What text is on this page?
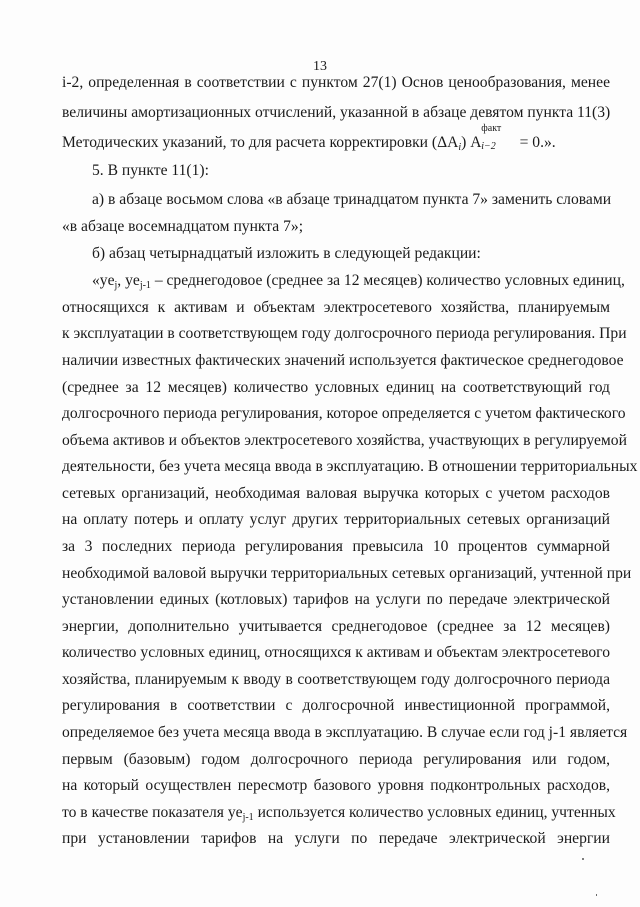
13
i-2, определенная в соответствии с пунктом 27(1) Основ ценообразования, менее
величины амортизационных отчислений, указанной в абзаце девятом пункта 11(3)
Методических указаний, то для расчета корректировки (ΔAi) A
факт
i−2 = 0.».
5. В пункте 11(1):
а) в абзаце восьмом слова «в абзаце тринадцатом пункта 7» заменить словами
«в абзаце восемнадцатом пункта 7»;
б) абзац четырнадцатый изложить в следующей редакции:
«yej, yej-1 – среднегодовое (среднее за 12 месяцев) количество условных единиц,
относящихся к активам и объектам электросетевого хозяйства, планируемым
к эксплуатации в соответствующем году долгосрочного периода регулирования. При
наличии известных фактических значений используется фактическое среднегодовое
(среднее за 12 месяцев) количество условных единиц на соответствующий год
долгосрочного периода регулирования, которое определяется с учетом фактического
объема активов и объектов электросетевого хозяйства, участвующих в регулируемой
деятельности, без учета месяца ввода в эксплуатацию. В отношении территориальных
сетевых организаций, необходимая валовая выручка которых с учетом расходов
на оплату потерь и оплату услуг других территориальных сетевых организаций
за 3 последних периода регулирования превысила 10 процентов суммарной
необходимой валовой выручки территориальных сетевых организаций, учтенной при
установлении единых (котловых) тарифов на услуги по передаче электрической
энергии, дополнительно учитывается среднегодовое (среднее за 12 месяцев)
количество условных единиц, относящихся к активам и объектам электросетевого
хозяйства, планируемым к вводу в соответствующем году долгосрочного периода
регулирования в соответствии с долгосрочной инвестиционной программой,
определяемое без учета месяца ввода в эксплуатацию. В случае если год j-1 является
первым (базовым) годом долгосрочного периода регулирования или годом,
на который осуществлен пересмотр базового уровня подконтрольных расходов,
то в качестве показателя yej-1 используется количество условных единиц, учтенных
при установлении тарифов на услуги по передаче электрической энергии
